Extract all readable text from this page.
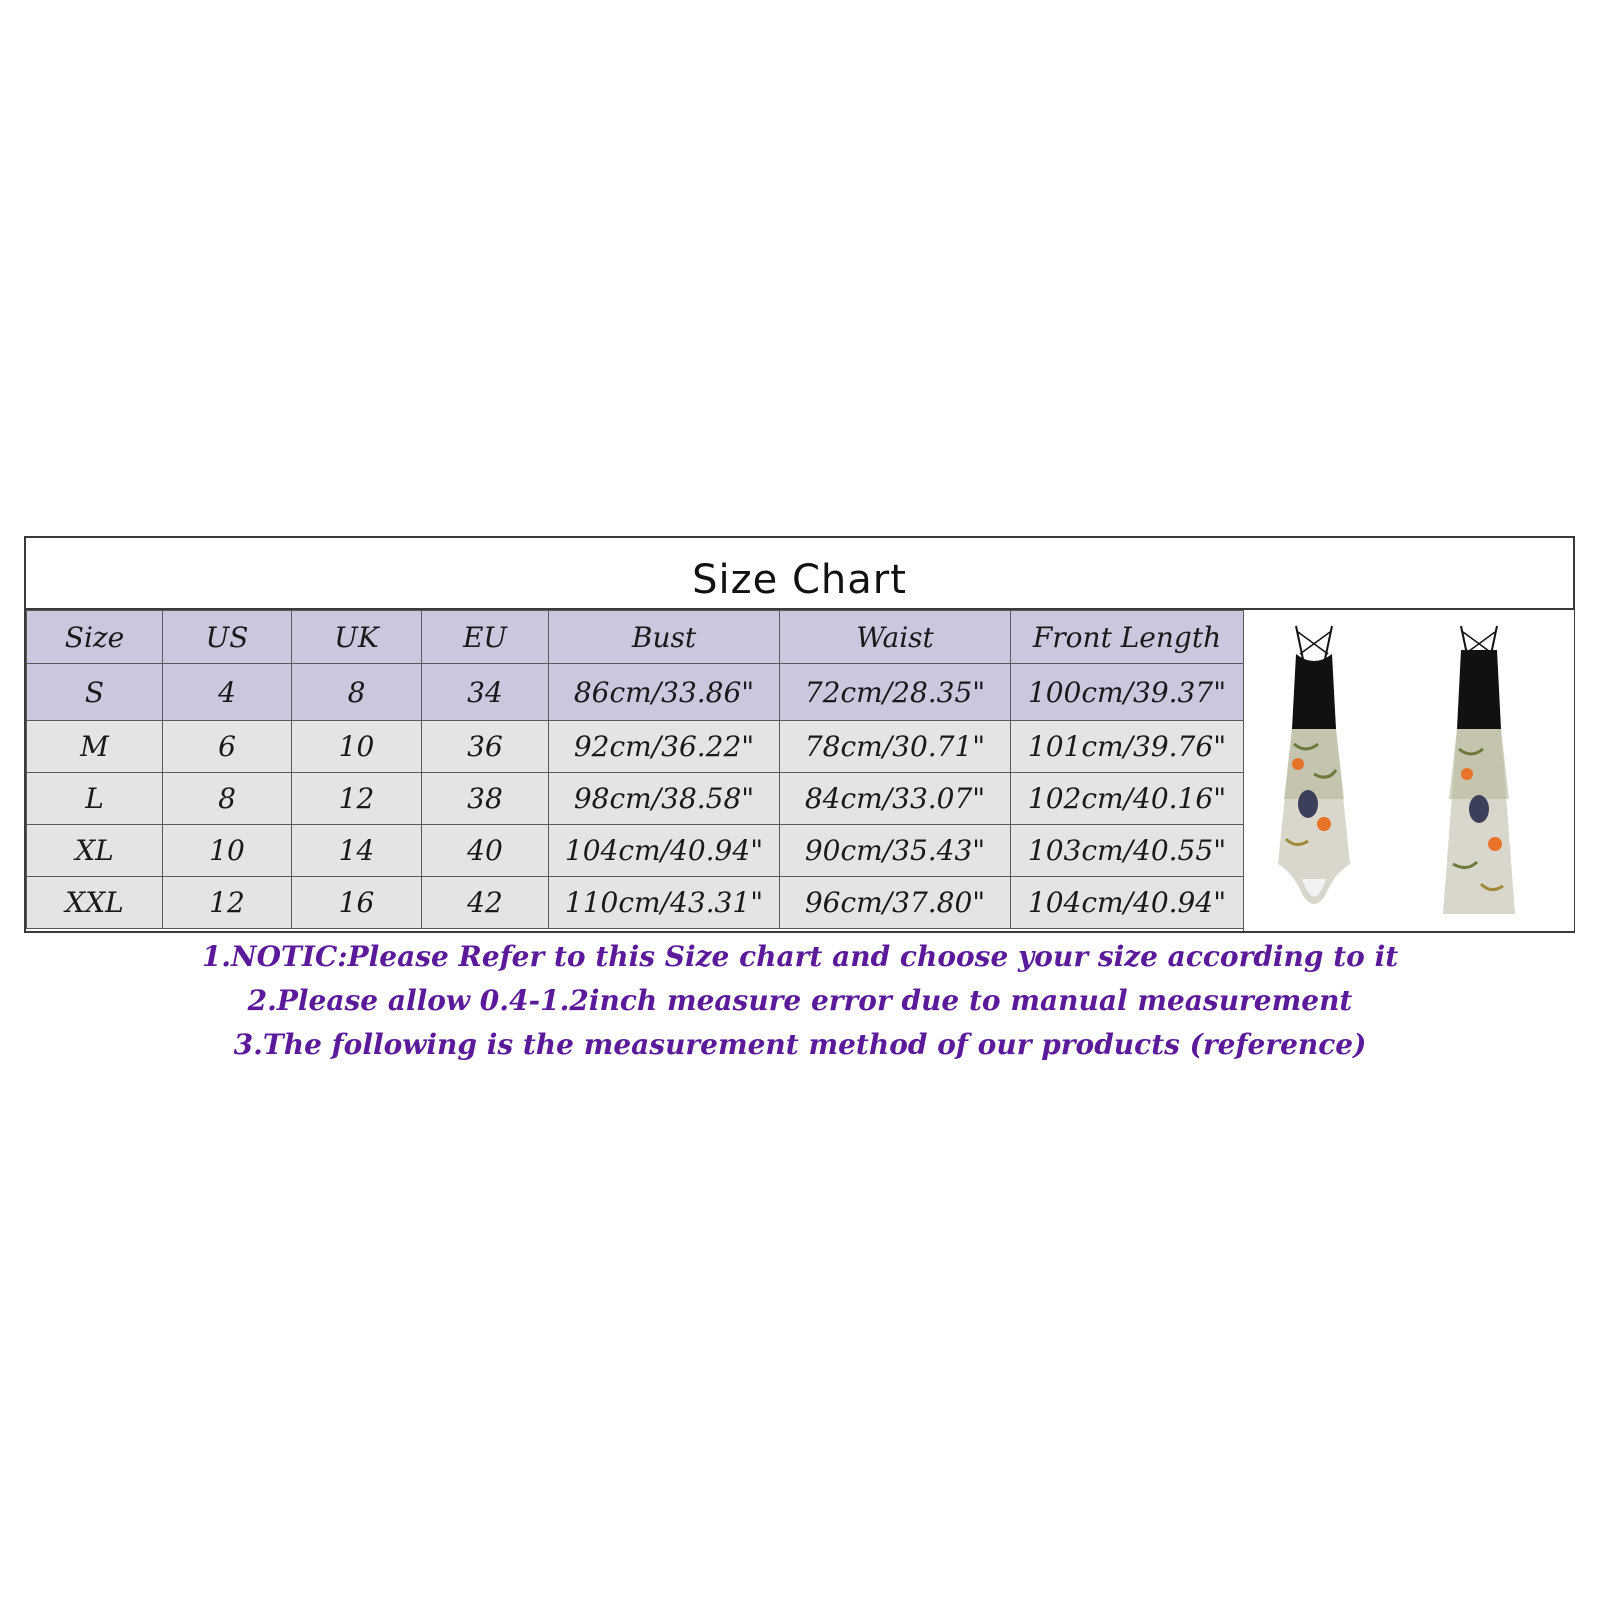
Size Chart
Size	US	UK	EU	Bust	Waist	Front Length
S	4	8	34	86cm/33.86"	72cm/28.35"	100cm/39.37"
M	6	10	36	92cm/36.22"	78cm/30.71"	101cm/39.76"
L	8	12	38	98cm/38.58"	84cm/33.07"	102cm/40.16"
XL	10	14	40	104cm/40.94"	90cm/35.43"	103cm/40.55"
XXL	12	16	42	110cm/43.31"	96cm/37.80"	104cm/40.94"
1.NOTIC:Please Refer to this Size chart and choose your size according to it
2.Please allow 0.4-1.2inch measure error due to manual measurement
3.The following is the measurement method of our products (reference)
